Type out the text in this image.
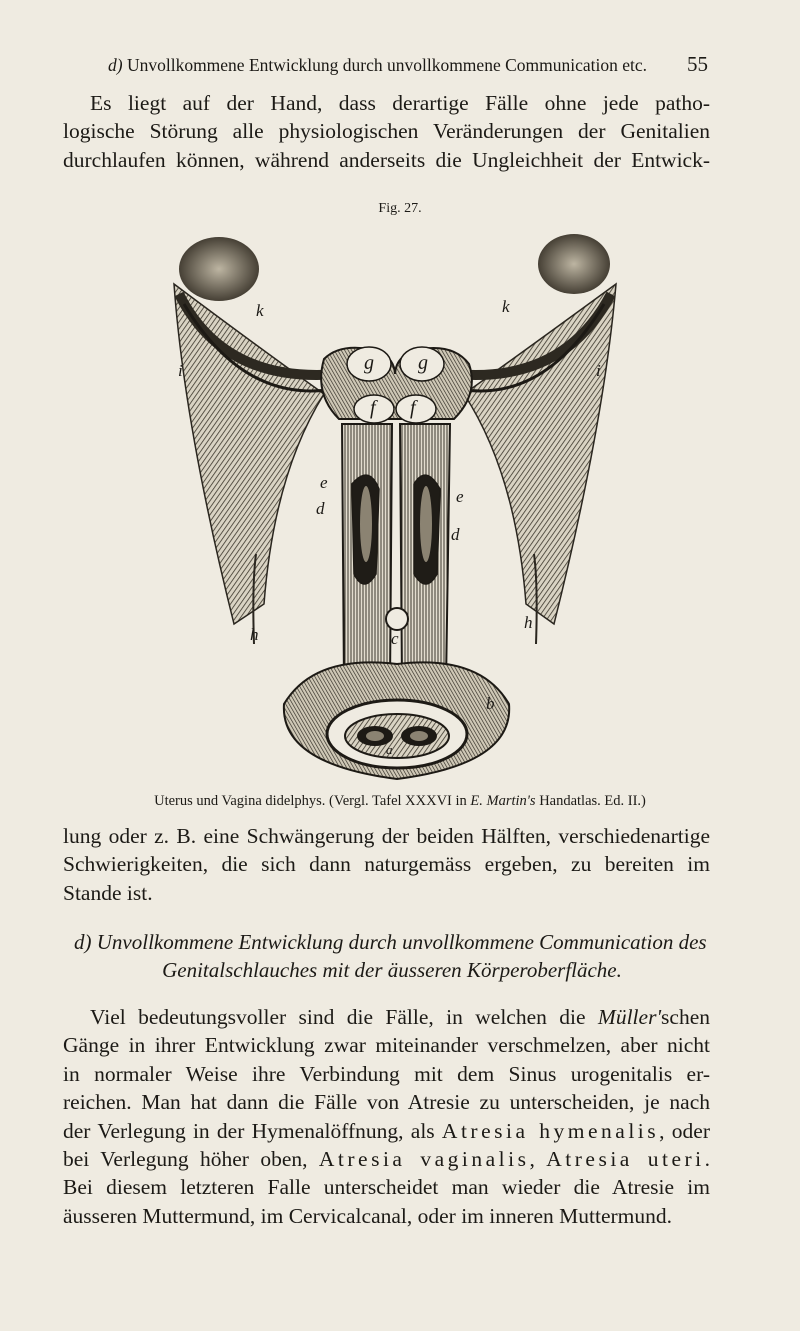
d) Unvollkommene Entwicklung durch unvollkommene Communication etc. 55
Es liegt auf der Hand, dass derartige Fälle ohne jede patho-
logische Störung alle physiologischen Veränderungen der Genitalien
durchlaufen können, während anderseits die Ungleichheit der Entwick-
Fig. 27.
k	k
i	i
g g
f f
e
e
d
d
h
h
c
b
a
Uterus und Vagina didelphys. (Vergl. Tafel XXXVI in E. Martin's Handatlas. Ed. II.)
lung oder z. B. eine Schwängerung der beiden Hälften, verschiedenartige
Schwierigkeiten, die sich dann naturgemäss ergeben, zu bereiten im
Stande ist.
d) Unvollkommene Entwicklung durch unvollkommene Communication des
Genitalschlauches mit der äusseren Körperoberfläche.
Viel bedeutungsvoller sind die Fälle, in welchen die Müller'schen
Gänge in ihrer Entwicklung zwar miteinander verschmelzen, aber nicht
in normaler Weise ihre Verbindung mit dem Sinus urogenitalis er-
reichen. Man hat dann die Fälle von Atresie zu unterscheiden, je nach
der Verlegung in der Hymenalöffnung, als Atresia hymenalis, oder
bei Verlegung höher oben, Atresia vaginalis, Atresia uteri.
Bei diesem letzteren Falle unterscheidet man wieder die Atresie im
äusseren Muttermund, im Cervicalcanal, oder im inneren Muttermund.
